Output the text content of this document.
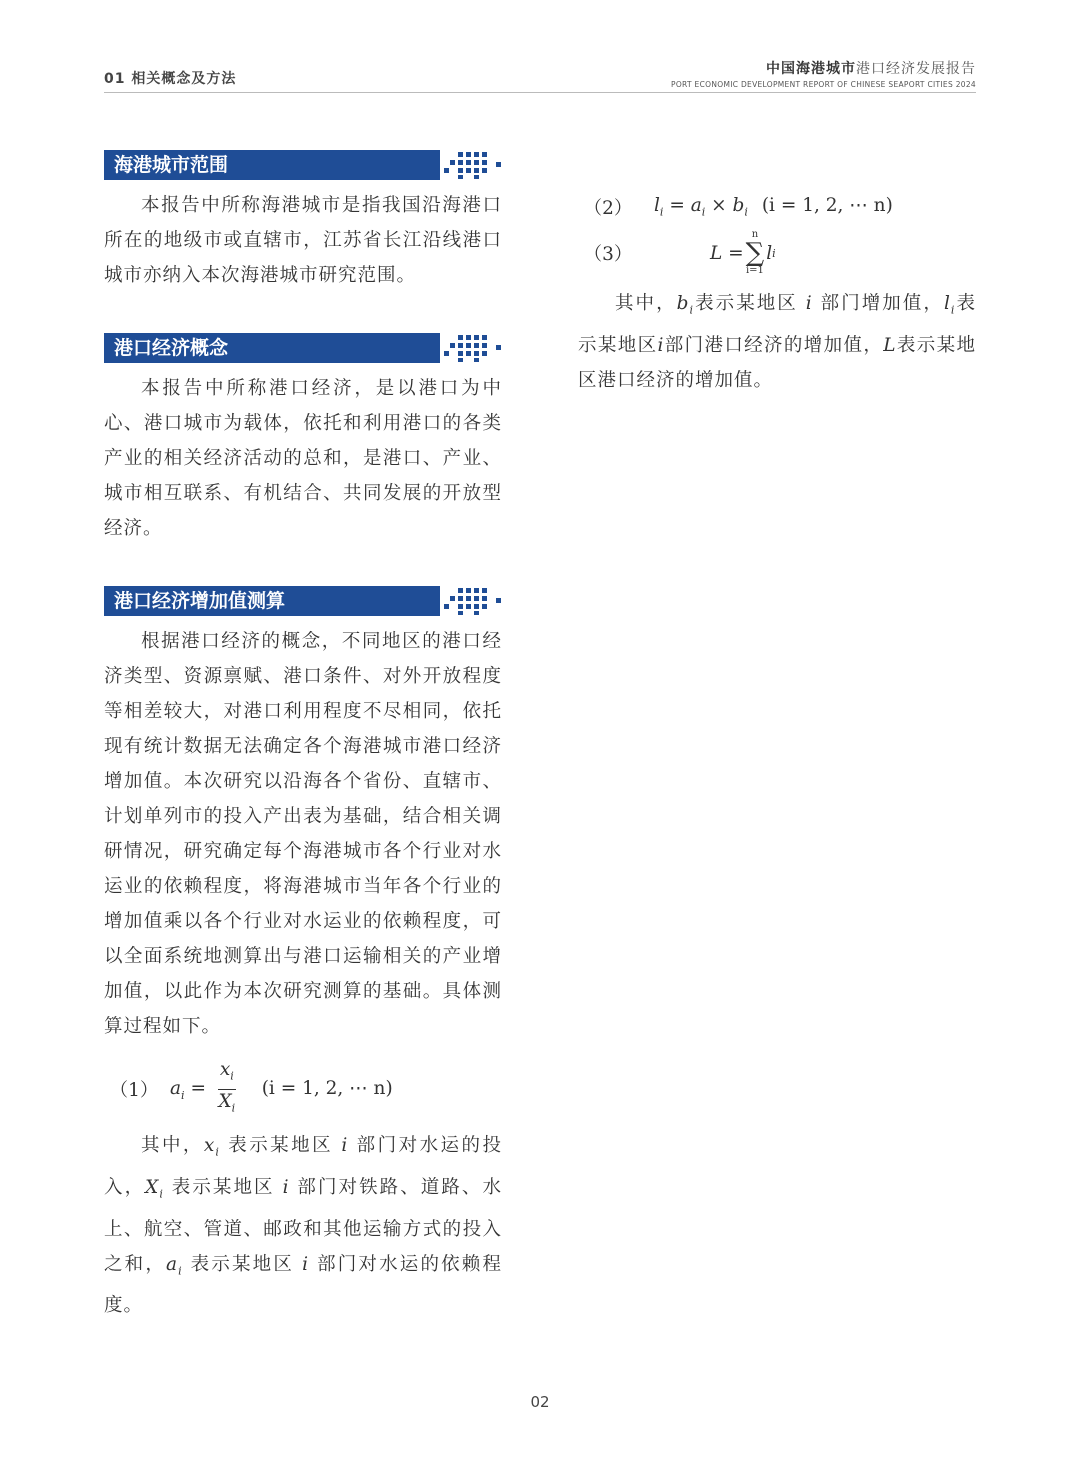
01 相关概念及方法
中国海港城市港口经济发展报告
PORT ECONOMIC DEVELOPMENT REPORT OF CHINESE SEAPORT CITIES 2024
海港城市范围

本报告中所称海港城市是指我国沿海港口所在的地级市或直辖市，江苏省长江沿线港口城市亦纳入本次海港城市研究范围。

港口经济概念

本报告中所称港口经济，是以港口为中心、港口城市为载体，依托和利用港口的各类产业的相关经济活动的总和，是港口、产业、城市相互联系、有机结合、共同发展的开放型经济。

港口经济增加值测算

根据港口经济的概念，不同地区的港口经济类型、资源禀赋、港口条件、对外开放程度等相差较大，对港口利用程度不尽相同，依托现有统计数据无法确定各个海港城市港口经济增加值。本次研究以沿海各个省份、直辖市、计划单列市的投入产出表为基础，结合相关调研情况，研究确定每个海港城市各个行业对水运业的依赖程度，将海港城市当年各个行业的增加值乘以各个行业对水运业的依赖程度，可以全面系统地测算出与港口运输相关的产业增加值，以此作为本次研究测算的基础。具体测算过程如下。

（1） $a_i = \frac{x_i}{X_i} (i = 1$, 2, ⋯ n)

其中，$x_i$ 表示某地区 i 部门对水运的投入，$X_i$ 表示某地区 i 部门对铁路、道路、水上、航空、管道、邮政和其他运输方式的投入之和，$a_i$ 表示某地区 i 部门对水运的依赖程度。

（2）	$l_i = a_i \times b_i$ (i = 1, 2, ⋯ n)
（3）	L =
n
∑
i=1
l i

其中，$b_i$表示某地区 i 部门增加值，$l_i$表示某地区i部门港口经济的增加值，L表示某地区港口经济的增加值。

02
